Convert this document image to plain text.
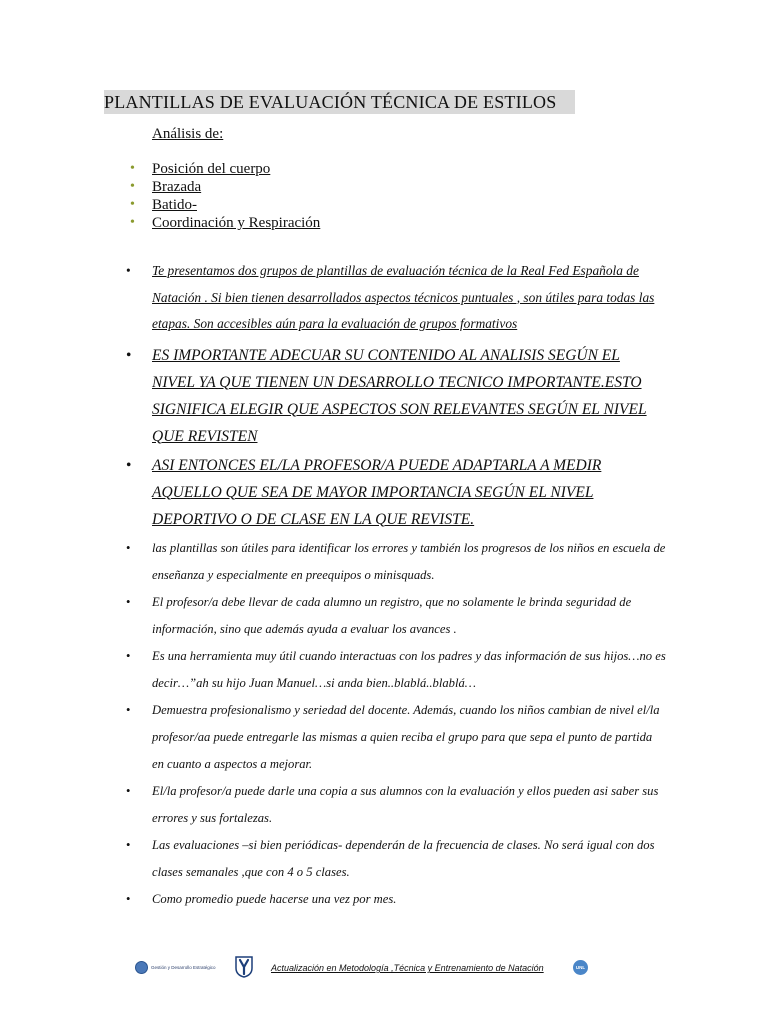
PLANTILLAS DE EVALUACIÓN TÉCNICA DE ESTILOS
Análisis de:
• Posición del cuerpo
• Brazada
• Batido-
• Coordinación y Respiración
• Te presentamos dos grupos de plantillas de evaluación técnica de la Real Fed Española de Natación . Si bien tienen desarrollados aspectos técnicos puntuales , son útiles para todas las etapas. Son accesibles aún para la evaluación de grupos formativos
• ES IMPORTANTE ADECUAR SU CONTENIDO AL ANALISIS SEGÚN EL NIVEL YA QUE TIENEN UN DESARROLLO TECNICO IMPORTANTE.ESTO SIGNIFICA ELEGIR QUE ASPECTOS SON RELEVANTES SEGÚN EL NIVEL QUE REVISTEN
• ASI ENTONCES EL/LA PROFESOR/A PUEDE ADAPTARLA A MEDIR AQUELLO QUE SEA DE MAYOR IMPORTANCIA SEGÚN EL NIVEL DEPORTIVO O DE CLASE EN LA QUE REVISTE.
• las plantillas son útiles para identificar los errores y también los progresos de los niños en escuela de enseñanza y especialmente en preequipos o minisquads.
• El profesor/a debe llevar de cada alumno un registro, que no solamente le brinda seguridad de información, sino que además ayuda a evaluar los avances .
• Es una herramienta muy útil cuando interactuas con los padres y das información de sus hijos…no es decir…”ah su hijo Juan Manuel…si anda bien..blablá..blablá…
• Demuestra profesionalismo y seriedad del docente. Además, cuando los niños cambian de nivel el/la profesor/aa puede entregarle las mismas a quien reciba el grupo para que sepa el punto de partida en cuanto a aspectos a mejorar.
• El/la profesor/a puede darle una copia a sus alumnos con la evaluación y ellos pueden asi saber sus errores y sus fortalezas.
• Las evaluaciones –si bien periódicas- dependerán de la frecuencia de clases. No será igual con dos clases semanales ,que con 4 o 5 clases.
• Como promedio puede hacerse una vez por mes.
Gestión y Desarrollo Estratégico	Actualización en Metodología ,Técnica y Entrenamiento de Natación	UNL
